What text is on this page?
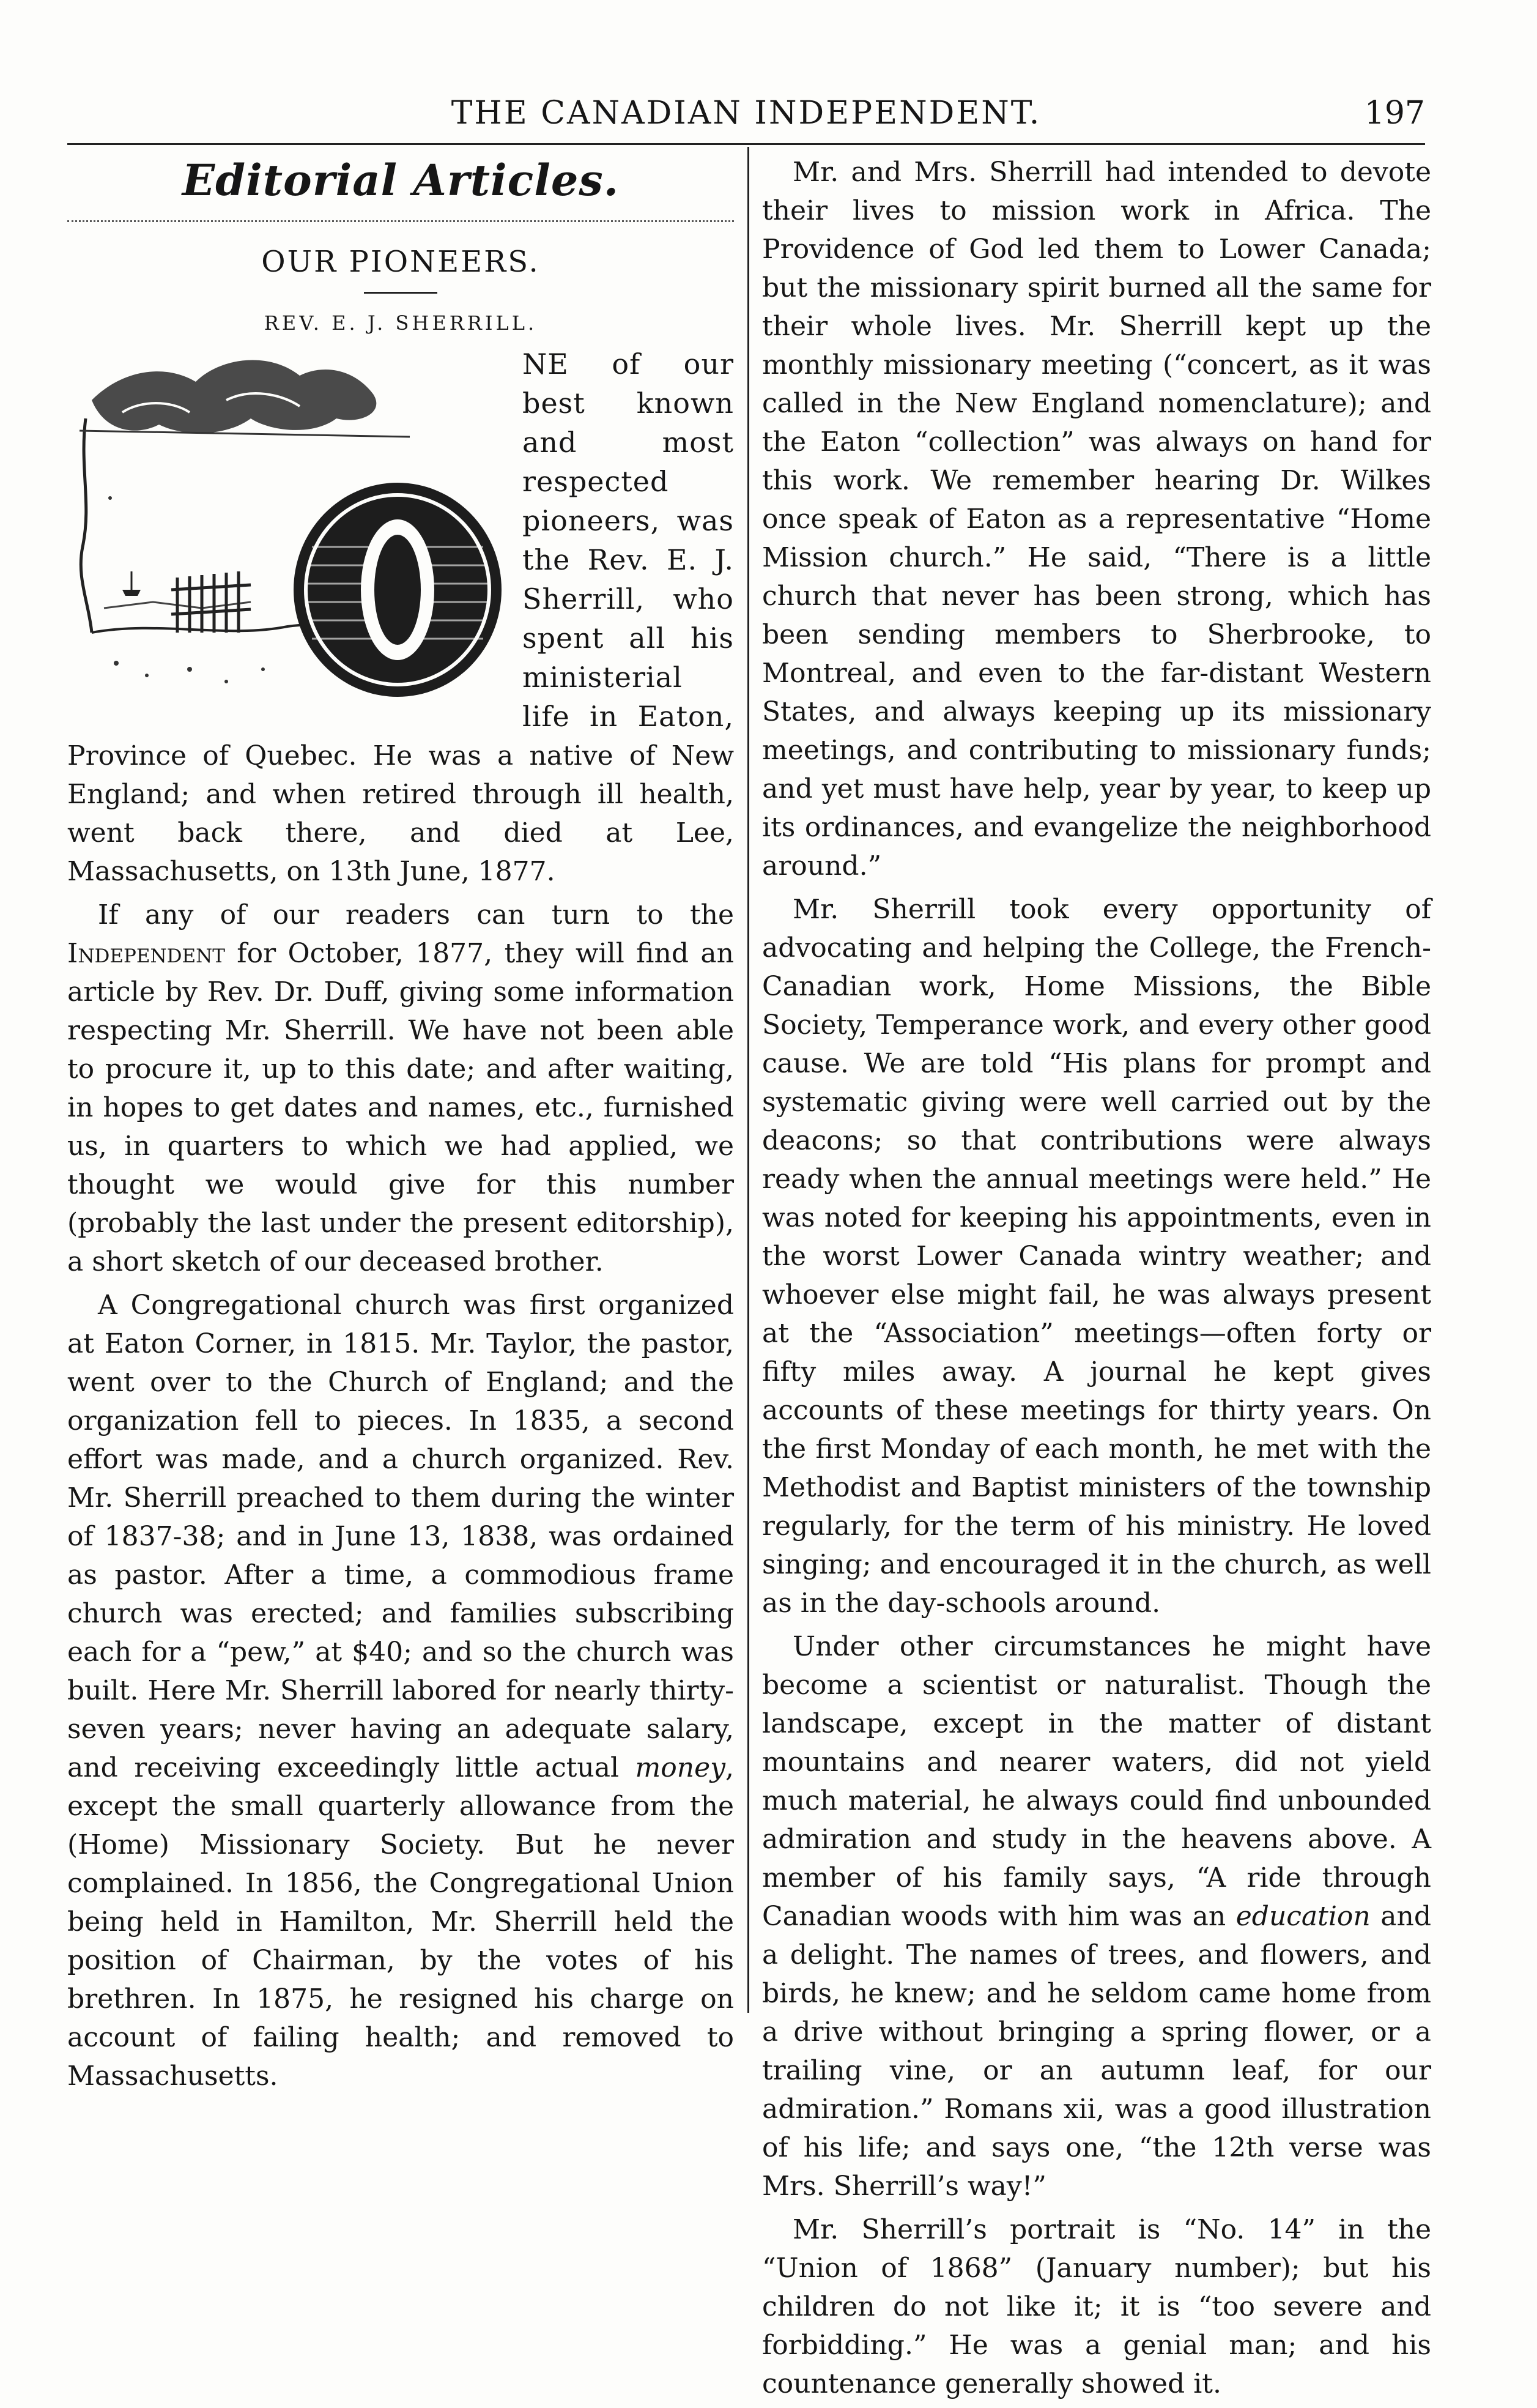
THE CANADIAN INDEPENDENT.	197
Editorial Articles.
OUR PIONEERS.
REV. E. J. SHERRILL.

NE of our best known and most respected pioneers, was the Rev. E. J. Sherrill, who spent all his ministerial life in Eaton, Province of Quebec. He was a native of New England; and when retired through ill health, went back there, and died at Lee, Massachusetts, on 13th June, 1877.

If any of our readers can turn to the Independent for October, 1877, they will find an article by Rev. Dr. Duff, giving some information respecting Mr. Sherrill. We have not been able to procure it, up to this date; and after waiting, in hopes to get dates and names, etc., furnished us, in quarters to which we had applied, we thought we would give for this number (probably the last under the present editorship), a short sketch of our deceased brother.

A Congregational church was first organized at Eaton Corner, in 1815. Mr. Taylor, the pastor, went over to the Church of England; and the organization fell to pieces. In 1835, a second effort was made, and a church organized. Rev. Mr. Sherrill preached to them during the winter of 1837-38; and in June 13, 1838, was ordained as pastor. After a time, a commodious frame church was erected; and families subscribing each for a “pew,” at $40; and so the church was built. Here Mr. Sherrill labored for nearly thirty-seven years; never having an adequate salary, and receiving exceedingly little actual money, except the small quarterly allowance from the (Home) Missionary Society. But he never complained. In 1856, the Congregational Union being held in Hamilton, Mr. Sherrill held the position of Chairman, by the votes of his brethren. In 1875, he resigned his charge on account of failing health; and removed to Massachusetts.

Mr. and Mrs. Sherrill had intended to devote their lives to mission work in Africa. The Providence of God led them to Lower Canada; but the missionary spirit burned all the same for their whole lives. Mr. Sherrill kept up the monthly missionary meeting (“concert, as it was called in the New England nomenclature); and the Eaton “collection” was always on hand for this work. We remember hearing Dr. Wilkes once speak of Eaton as a representative “Home Mission church.” He said, “There is a little church that never has been strong, which has been sending members to Sherbrooke, to Montreal, and even to the far-distant Western States, and always keeping up its missionary meetings, and contributing to missionary funds; and yet must have help, year by year, to keep up its ordinances, and evangelize the neighborhood around.”

Mr. Sherrill took every opportunity of advocating and helping the College, the French-Canadian work, Home Missions, the Bible Society, Temperance work, and every other good cause. We are told “His plans for prompt and systematic giving were well carried out by the deacons; so that contributions were always ready when the annual meetings were held.” He was noted for keeping his appointments, even in the worst Lower Canada wintry weather; and whoever else might fail, he was always present at the “Association” meetings—often forty or fifty miles away. A journal he kept gives accounts of these meetings for thirty years. On the first Monday of each month, he met with the Methodist and Baptist ministers of the township regularly, for the term of his ministry. He loved singing; and encouraged it in the church, as well as in the day-schools around.

Under other circumstances he might have become a scientist or naturalist. Though the landscape, except in the matter of distant mountains and nearer waters, did not yield much material, he always could find unbounded admiration and study in the heavens above. A member of his family says, “A ride through Canadian woods with him was an education and a delight. The names of trees, and flowers, and birds, he knew; and he seldom came home from a drive without bringing a spring flower, or a trailing vine, or an autumn leaf, for our admiration.” Romans xii, was a good illustration of his life; and says one, “the 12th verse was Mrs. Sherrill’s way!”

Mr. Sherrill’s portrait is “No. 14” in the “Union of 1868” (January number); but his children do not like it; it is “too severe and forbidding.” He was a genial man; and his countenance generally showed it.
